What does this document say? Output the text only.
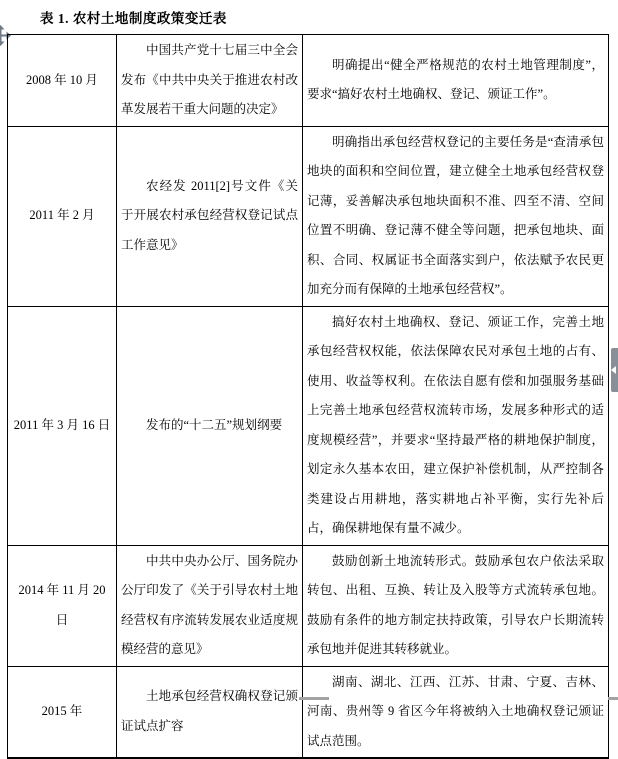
表 1. 农村土地制度政策变迁表

2008 年 10 月	中国共产党十七届三中全会发布《中共中央关于推进农村改革发展若干重大问题的决定》	明确提出“健全严格规范的农村土地管理制度”，要求“搞好农村土地确权、登记、颁证工作”。

2011 年 2 月	农经发 2011[2]号文件《关于开展农村承包经营权登记试点工作意见》	明确指出承包经营权登记的主要任务是“查清承包地块的面积和空间位置，建立健全土地承包经营权登记薄，妥善解决承包地块面积不准、四至不清、空间位置不明确、登记薄不健全等问题，把承包地块、面积、合同、权属证书全面落实到户，依法赋予农民更加充分而有保障的土地承包经营权”。

2011 年 3 月 16 日	发布的“十二五”规划纲要	搞好农村土地确权、登记、颁证工作，完善土地承包经营权权能，依法保障农民对承包土地的占有、使用、收益等权利。在依法自愿有偿和加强服务基础上完善土地承包经营权流转市场，发展多种形式的适度规模经营”，并要求“坚持最严格的耕地保护制度，划定永久基本农田，建立保护补偿机制，从严控制各类建设占用耕地，落实耕地占补平衡，实行先补后占，确保耕地保有量不减少。

2014 年 11 月 20 日	中共中央办公厅、国务院办公厅印发了《关于引导农村土地经营权有序流转发展农业适度规模经营的意见》	鼓励创新土地流转形式。鼓励承包农户依法采取转包、出租、互换、转让及入股等方式流转承包地。鼓励有条件的地方制定扶持政策，引导农户长期流转承包地并促进其转移就业。

2015 年	土地承包经营权确权登记颁证试点扩容	湖南、湖北、江西、江苏、甘肃、宁夏、吉林、河南、贵州等 9 省区今年将被纳入土地确权登记颁证试点范围。
